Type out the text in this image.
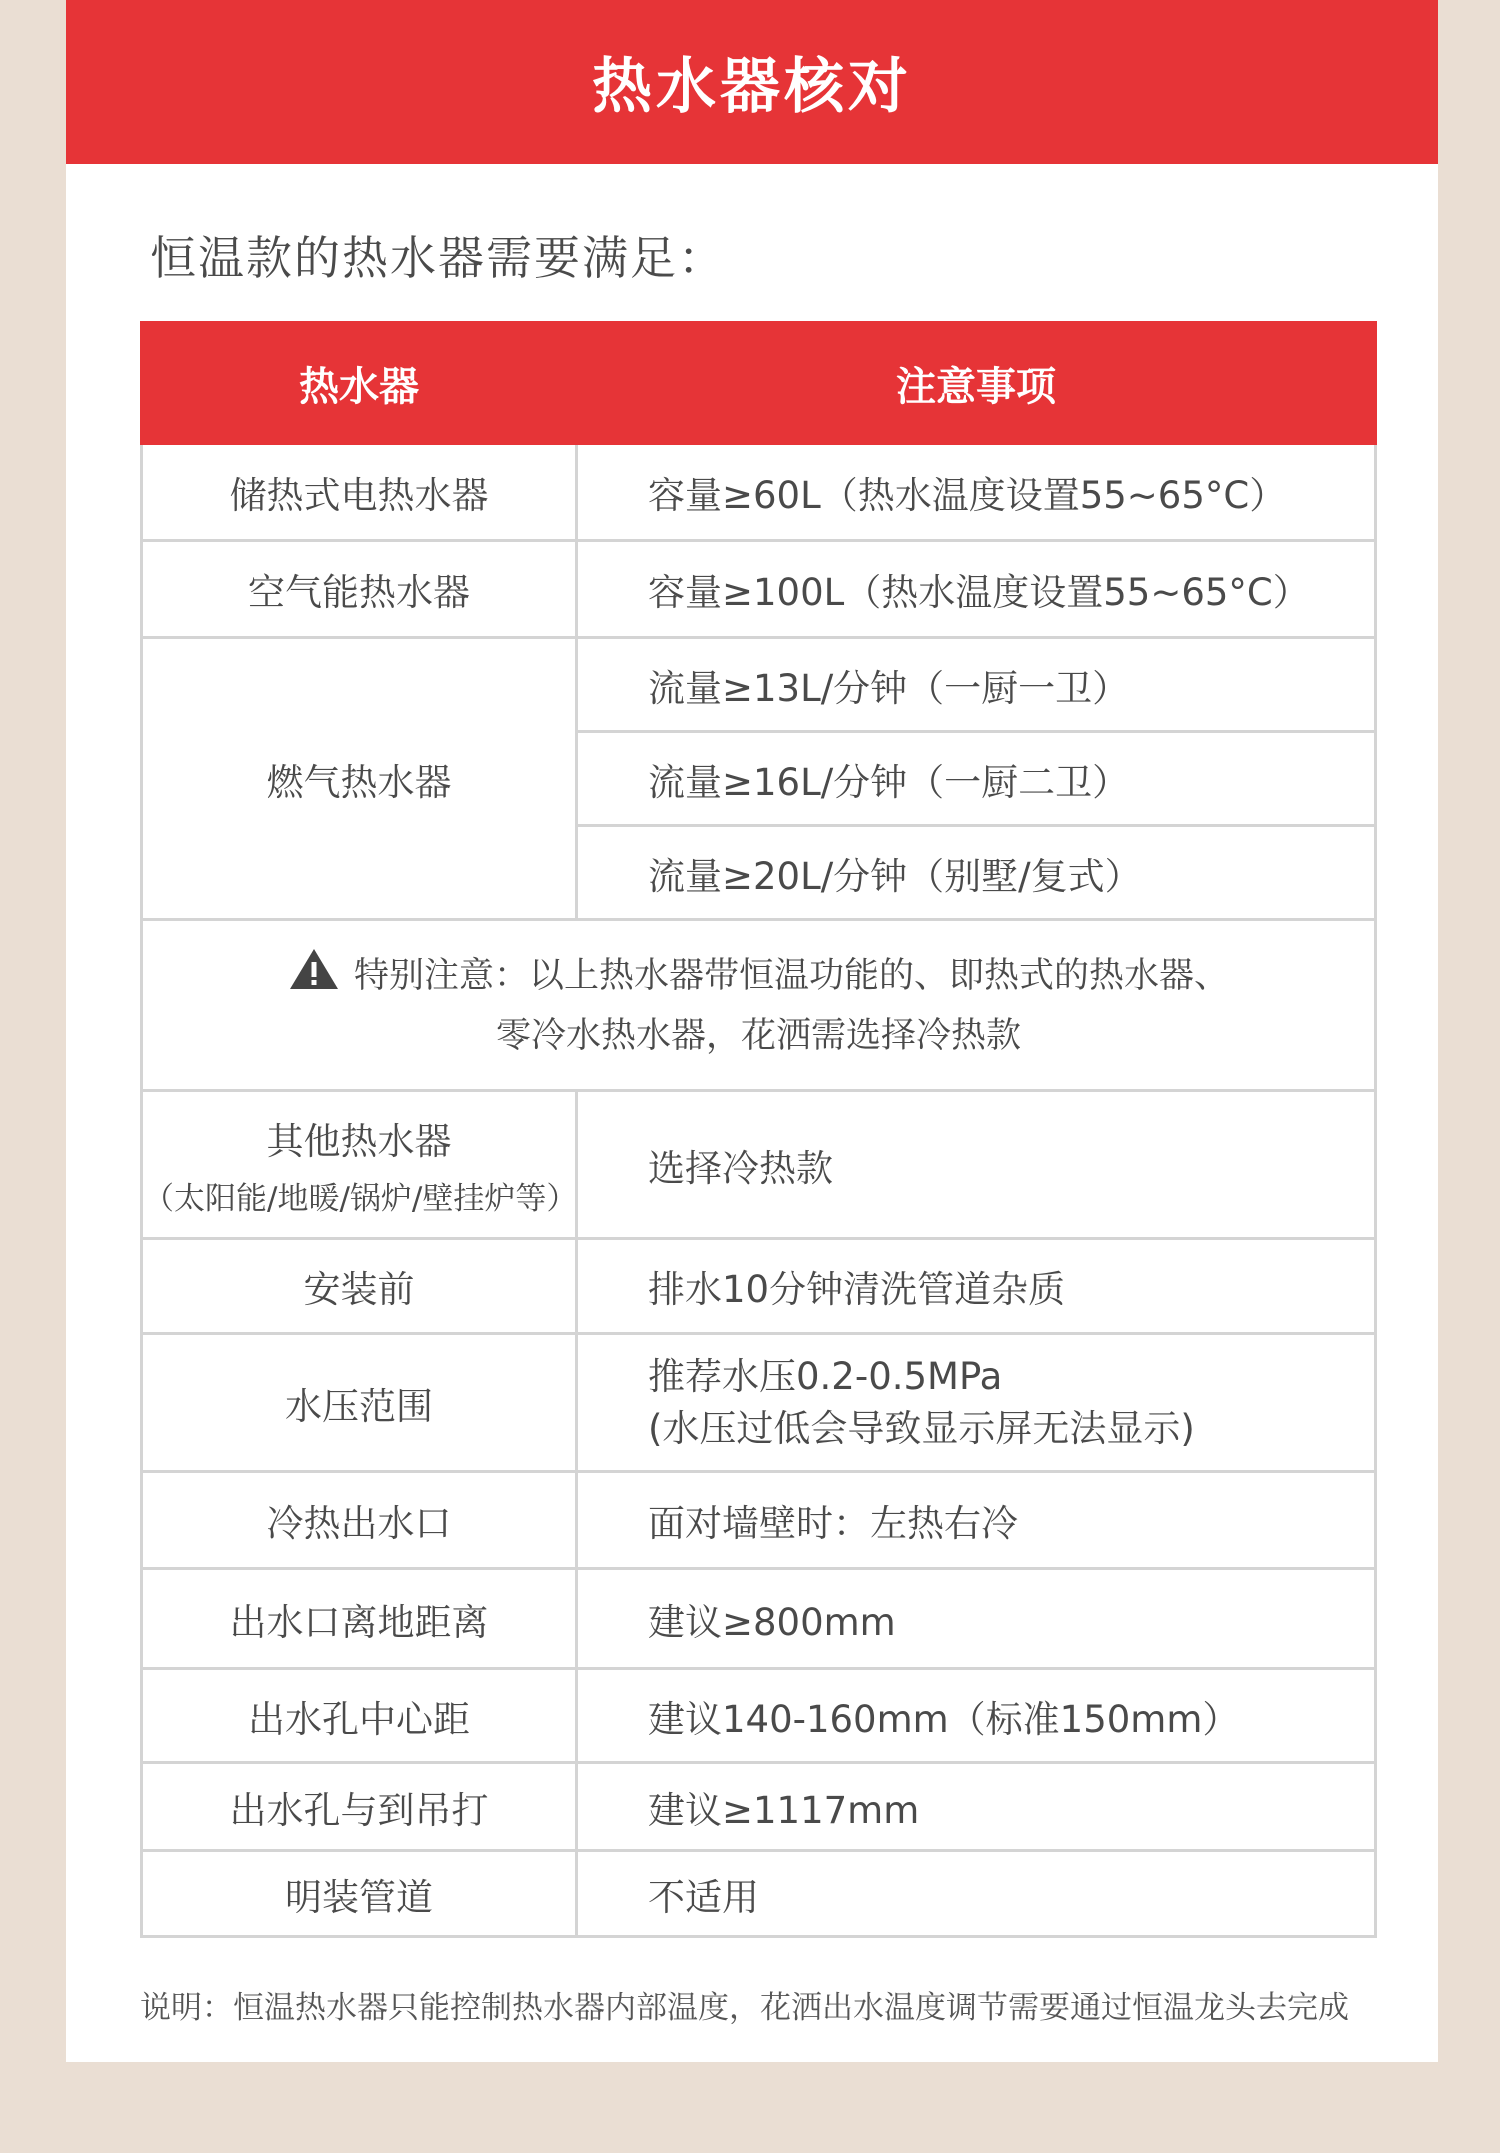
热水器核对
恒温款的热水器需要满足：
热水器	注意事项
储热式电热水器	容量≥60L（热水温度设置55~65°C）
空气能热水器	容量≥100L（热水温度设置55~65°C）
燃气热水器	流量≥13L/分钟（一厨一卫）
	流量≥16L/分钟（一厨二卫）
	流量≥20L/分钟（别墅/复式）

特别注意：以上热水器带恒温功能的、即热式的热水器、
零冷水热水器，花洒需选择冷热款	

其他热水器
（太阳能/地暖/锅炉/壁挂炉等）	选择冷热款
安装前	排水10分钟清洗管道杂质
水压范围	推荐水压0.2-0.5MPa
(水压过低会导致显示屏无法显示)

冷热出水口	面对墙壁时：左热右冷
出水口离地距离	建议≥800mm
出水孔中心距	建议140-160mm（标准150mm）
出水孔与到吊打	建议≥1117mm
明装管道	不适用
说明：恒温热水器只能控制热水器内部温度，花洒出水温度调节需要通过恒温龙头去完成
